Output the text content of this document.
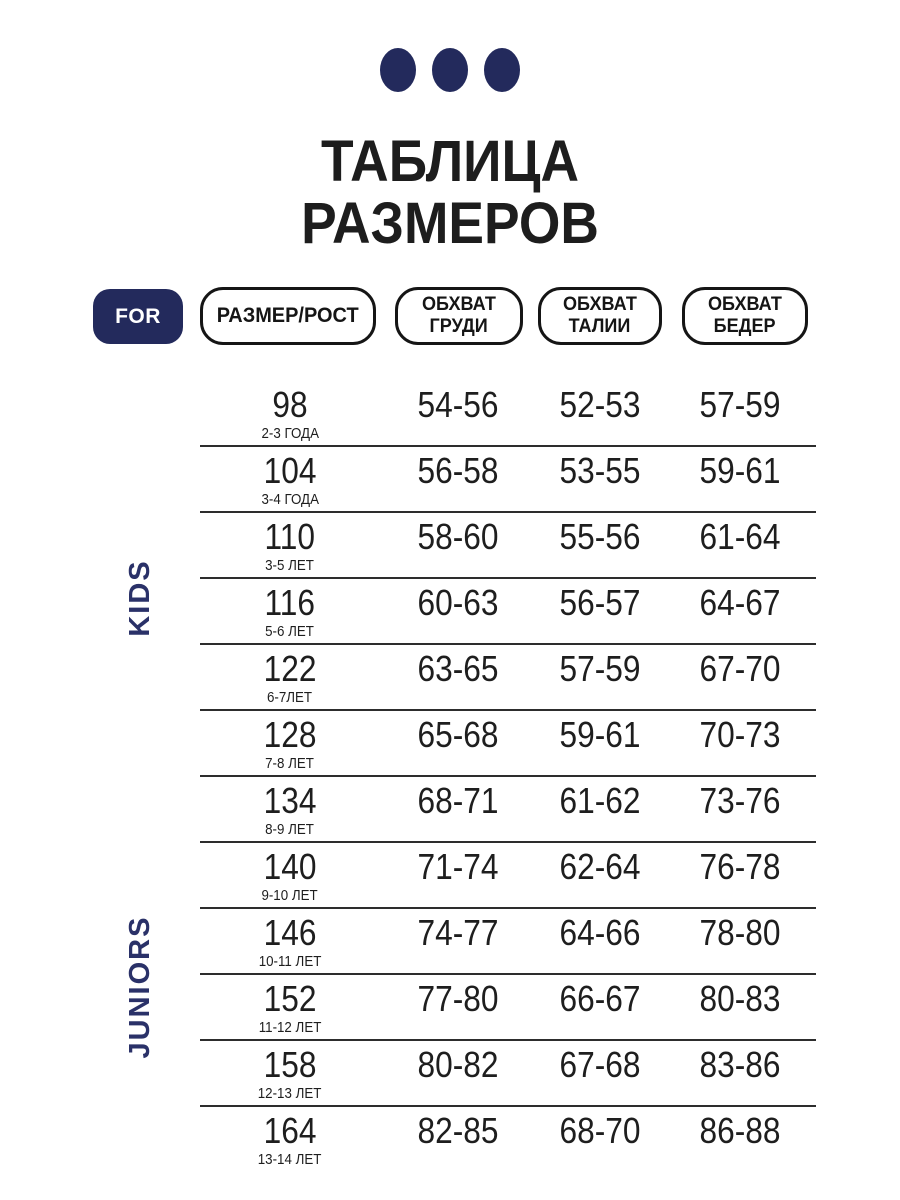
ТАБЛИЦА
РАЗМЕРОВ
FOR	РАЗМЕР/РОСТ	ОБХВАТ
ГРУДИ
ОБХВАТ
ТАЛИИ
ОБХВАТ
БЕДЕР
KIDS
JUNIORS
98
2-3 ГОДА
54-56 52-53 57-59
104
3-4 ГОДА
56-58 53-55 59-61
110
3-5 ЛЕТ
58-60 55-56 61-64
116
5-6 ЛЕТ
60-63 56-57 64-67
122
6-7ЛЕТ
63-65 57-59 67-70
128
7-8 ЛЕТ
65-68 59-61 70-73
134
8-9 ЛЕТ
68-71 61-62 73-76
140
9-10 ЛЕТ
71-74 62-64 76-78
146
10-11 ЛЕТ
74-77 64-66 78-80
152
11-12 ЛЕТ
77-80 66-67 80-83
158
12-13 ЛЕТ
80-82 67-68 83-86
164
13-14 ЛЕТ
82-85 68-70 86-88
